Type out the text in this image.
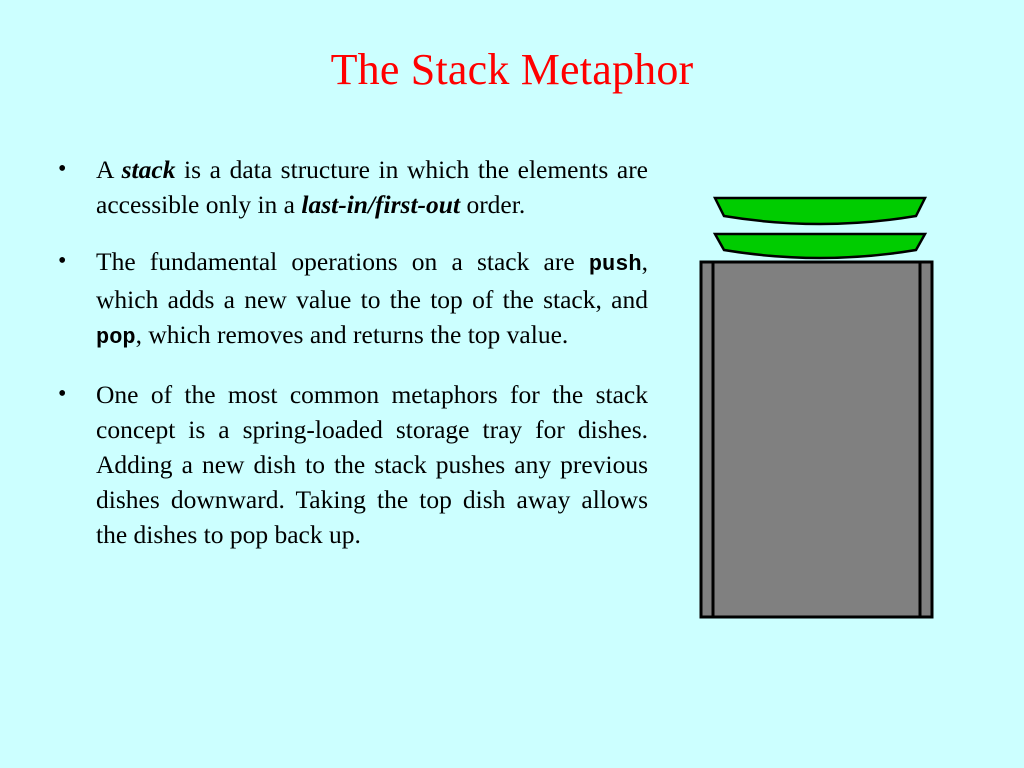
The Stack Metaphor
•	A stack is a data structure in which the elements are accessible only in a last-in/first-out order.
•	The fundamental operations on a stack are push, which adds a new value to the top of the stack, and pop, which removes and returns the top value.
•	One of the most common metaphors for the stack concept is a spring-loaded storage tray for dishes. Adding a new dish to the stack pushes any previous dishes downward. Taking the top dish away allows the dishes to pop back up.
